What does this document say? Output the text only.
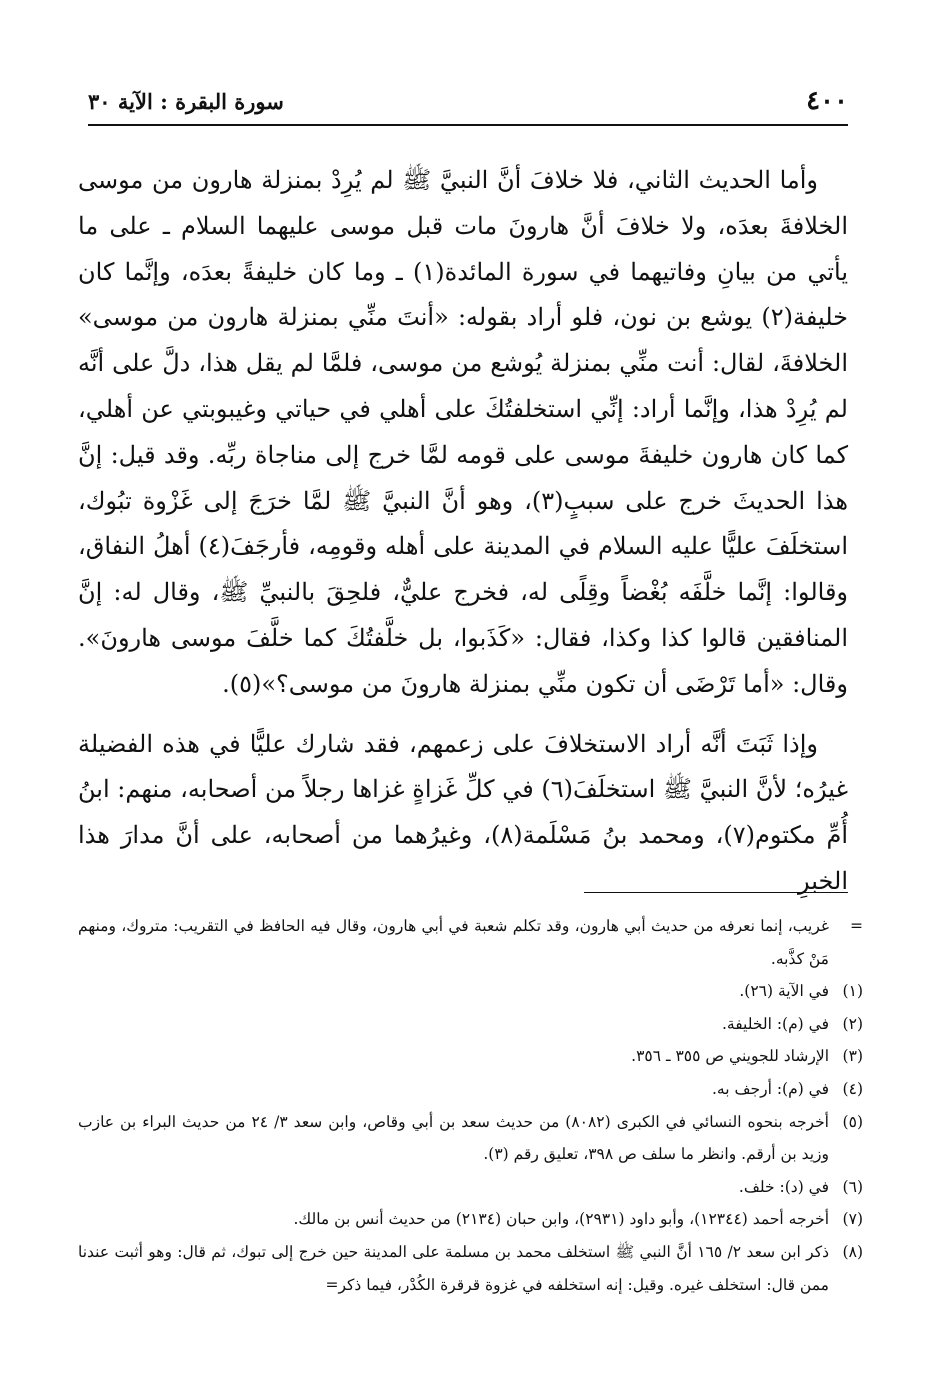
٤٠٠
سورة البقرة : الآية ٣٠

وأما الحديث الثاني، فلا خلافَ أنَّ النبيَّ ﷺ لم يُرِدْ بمنزلة هارون من موسى الخلافةَ بعدَه، ولا خلافَ أنَّ هارونَ مات قبل موسى عليهما السلام ـ على ما يأتي من بيانِ وفاتيهما في سورة المائدة(١) ـ وما كان خليفةً بعدَه، وإنَّما كان خليفة(٢) يوشع بن نون، فلو أراد بقوله: «أنتَ منِّي بمنزلة هارون من موسى» الخلافةَ، لقال: أنت منِّي بمنزلة يُوشع من موسى، فلمَّا لم يقل هذا، دلَّ على أنَّه لم يُرِدْ هذا، وإنَّما أراد: إنِّي استخلفتُكَ على أهلي في حياتي وغيبوبتي عن أهلي، كما كان هارون خليفةَ موسى على قومه لمَّا خرج إلى مناجاة ربِّه. وقد قيل: إنَّ هذا الحديثَ خرج على سببٍ(٣)، وهو أنَّ النبيَّ ﷺ لمَّا خرَجَ إلى غَزْوة تبُوك، استخلَفَ عليًّا عليه السلام في المدينة على أهله وقومِه، فأرجَفَ(٤) أهلُ النفاق، وقالوا: إنَّما خلَّفَه بُغْضاً وقِلًى له، فخرج عليٌّ، فلحِقَ بالنبيِّ ﷺ، وقال له: إنَّ المنافقين قالوا كذا وكذا، فقال: «كَذَبوا، بل خلَّفتُكَ كما خلَّفَ موسى هارونَ». وقال: «أما تَرْضَى أن تكون منِّي بمنزلة هارونَ من موسى؟»(٥).

وإذا ثَبَتَ أنَّه أراد الاستخلافَ على زعمهم، فقد شارك عليًّا في هذه الفضيلة غيرُه؛ لأنَّ النبيَّ ﷺ استخلَفَ(٦) في كلِّ غَزاةٍ غزاها رجلاً من أصحابه، منهم: ابنُ أُمِّ مكتوم(٧)، ومحمد بنُ مَسْلَمة(٨)، وغيرُهما من أصحابه، على أنَّ مدارَ هذا الخبرِ

=
غريب، إنما نعرفه من حديث أبي هارون، وقد تكلم شعبة في أبي هارون، وقال فيه الحافظ في التقريب: متروك، ومنهم مَنْ كذَّبه.
(١)
في الآية (٢٦).
(٢)
في (م): الخليفة.
(٣)
الإرشاد للجويني ص ٣٥٥ ـ ٣٥٦.
(٤)
في (م): أرجف به.
(٥)
أخرجه بنحوه النسائي في الكبرى (٨٠٨٢) من حديث سعد بن أبي وقاص، وابن سعد ٣/ ٢٤ من حديث البراء بن عازب وزيد بن أرقم. وانظر ما سلف ص ٣٩٨، تعليق رقم (٣).
(٦)
في (د): خلف.
(٧)
أخرجه أحمد (١٢٣٤٤)، وأبو داود (٢٩٣١)، وابن حبان (٢١٣٤) من حديث أنس بن مالك.
(٨)
ذكر ابن سعد ٢/ ١٦٥ أنَّ النبي ﷺ استخلف محمد بن مسلمة على المدينة حين خرج إلى تبوك، ثم قال: وهو أثبت عندنا ممن قال: استخلف غيره. وقيل: إنه استخلفه في غزوة قرقرة الكُدْر، فيما ذكر=
